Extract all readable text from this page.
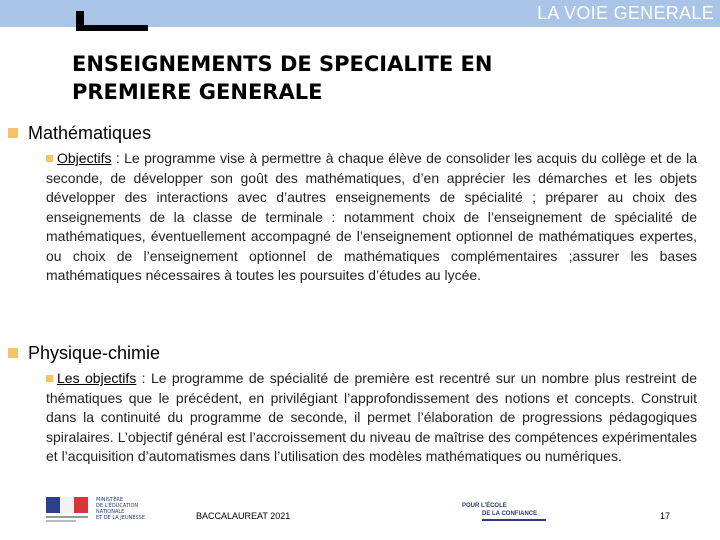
LA VOIE GENERALE
ENSEIGNEMENTS DE SPECIALITE EN
PREMIERE GENERALE
Mathématiques
Objectifs : Le programme vise à permettre à chaque élève de consolider les acquis du collège et de la seconde, de développer son goût des mathématiques, d’en apprécier les démarches et les objets développer des interactions avec d’autres enseignements de spécialité ; préparer au choix des enseignements de la classe de terminale : notamment choix de l’enseignement de spécialité de mathématiques, éventuellement accompagné de l’enseignement optionnel de mathématiques expertes, ou choix de l’enseignement optionnel de mathématiques complémentaires ;assurer les bases mathématiques nécessaires à toutes les poursuites d’études au lycée.
Physique-chimie
Les objectifs : Le programme de spécialité de première est recentré sur un nombre plus restreint de thématiques que le précédent, en privilégiant l’approfondissement des notions et concepts. Construit dans la continuité du programme de seconde, il permet l’élaboration de progressions pédagogiques spiralaires. L’objectif général est l’accroissement du niveau de maîtrise des compétences expérimentales et l’acquisition d’automatismes dans l’utilisation des modèles mathématiques ou numériques.
MINISTÈRE
DE L'ÉDUCATION
NATIONALE
ET DE LA JEUNESSE	BACCALAUREAT 2021
POUR L'ÉCOLE
DE LA CONFIANCE	17
